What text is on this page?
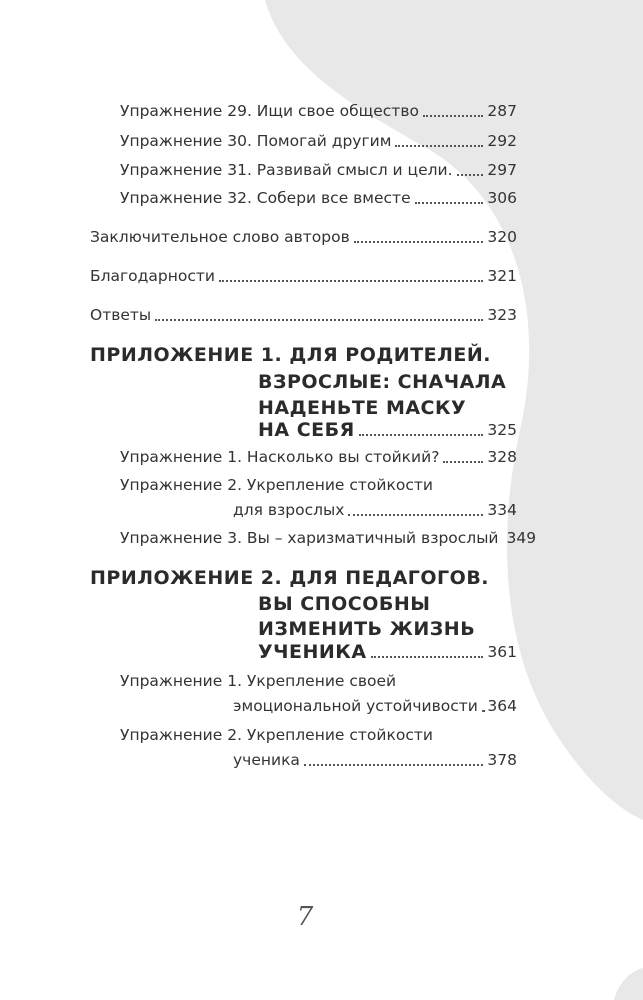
Упражнение 29. Ищи свое общество	287
Упражнение 30. Помогай другим	292
Упражнение 31. Развивай смысл и цели. 297
Упражнение 32. Собери все вместе	306
Заключительное слово авторов	320
Благодарности	321
Ответы	323
ПРИЛОЖЕНИЕ 1. ДЛЯ РОДИТЕЛЕЙ.
ВЗРОСЛЫЕ: СНАЧАЛА
НАДЕНЬТЕ МАСКУ
НА СЕБЯ	325
Упражнение 1. Насколько вы стойкий?	328
Упражнение 2. Укрепление стойкости
для взрослых	334
Упражнение 3. Вы – харизматичный взрослый 349
ПРИЛОЖЕНИЕ 2. ДЛЯ ПЕДАГОГОВ.
ВЫ СПОСОБНЫ
ИЗМЕНИТЬ ЖИЗНЬ
УЧЕНИКА	361
Упражнение 1. Укрепление своей
эмоциональной устойчивости 364
Упражнение 2. Укрепление стойкости
ученика	378
7
